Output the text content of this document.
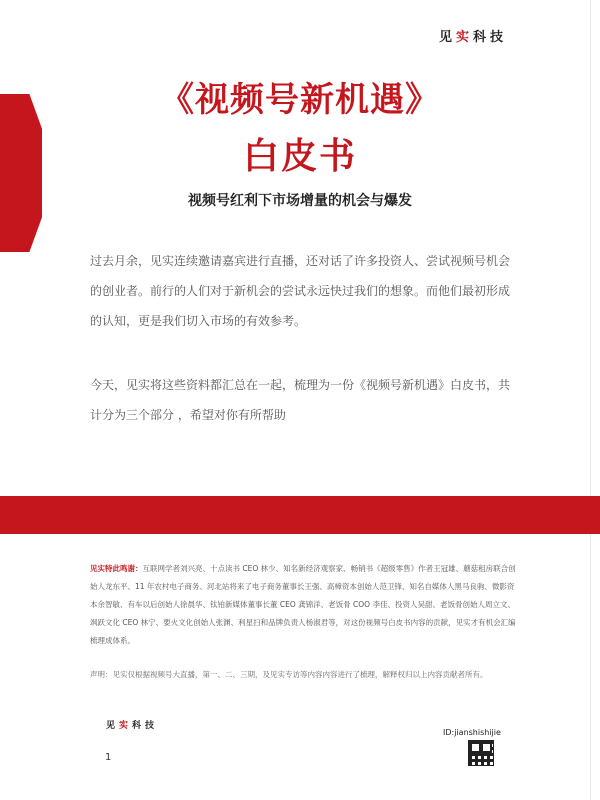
见实科技
《视频号新机遇》
白皮书
视频号红利下市场增量的机会与爆发
过去月余，见实连续邀请嘉宾进行直播，还对话了许多投资人、尝试视频号机会的创业者。前行的人们对于新机会的尝试永远快过我们的想象。而他们最初形成的认知，更是我们切入市场的有效参考。
今天，见实将这些资料都汇总在一起，梳理为一份《视频号新机遇》白皮书，共计分为三个部分 ，希望对你有所帮助
见实特此鸣谢：互联网学者刘兴亮、十点读书 CEO 林少、知名新经济观察家、畅销书《超级零售》作者王冠雄、蘑菇租房联合创始人龙东平、11 年农村电子商务、河北站将来了电子商务董事长王强、高樟资本创始人范卫锋、知名自媒体人黑马良驹、微影资本余智敏、有车以后创始人徐晨华、钛铂新媒体董事长董 CEO 龚锦洋、老饭骨 COO 李佳、投资人吴甜、老饭骨创始人周立文、飒跃文化 CEO 林宁、要火文化创始人张渊、利星扫和品牌负责人杨淑君等，对这份视频号白皮书内容的贡献，见实才有机会汇编梳理成体系。
声明：见实仅根据视频号大直播，第一、二、三期，及见实专访等内容内容进行了梳理，解释权归以上内容贡献者所有。
见实科技
1
ID:jianshishijie
